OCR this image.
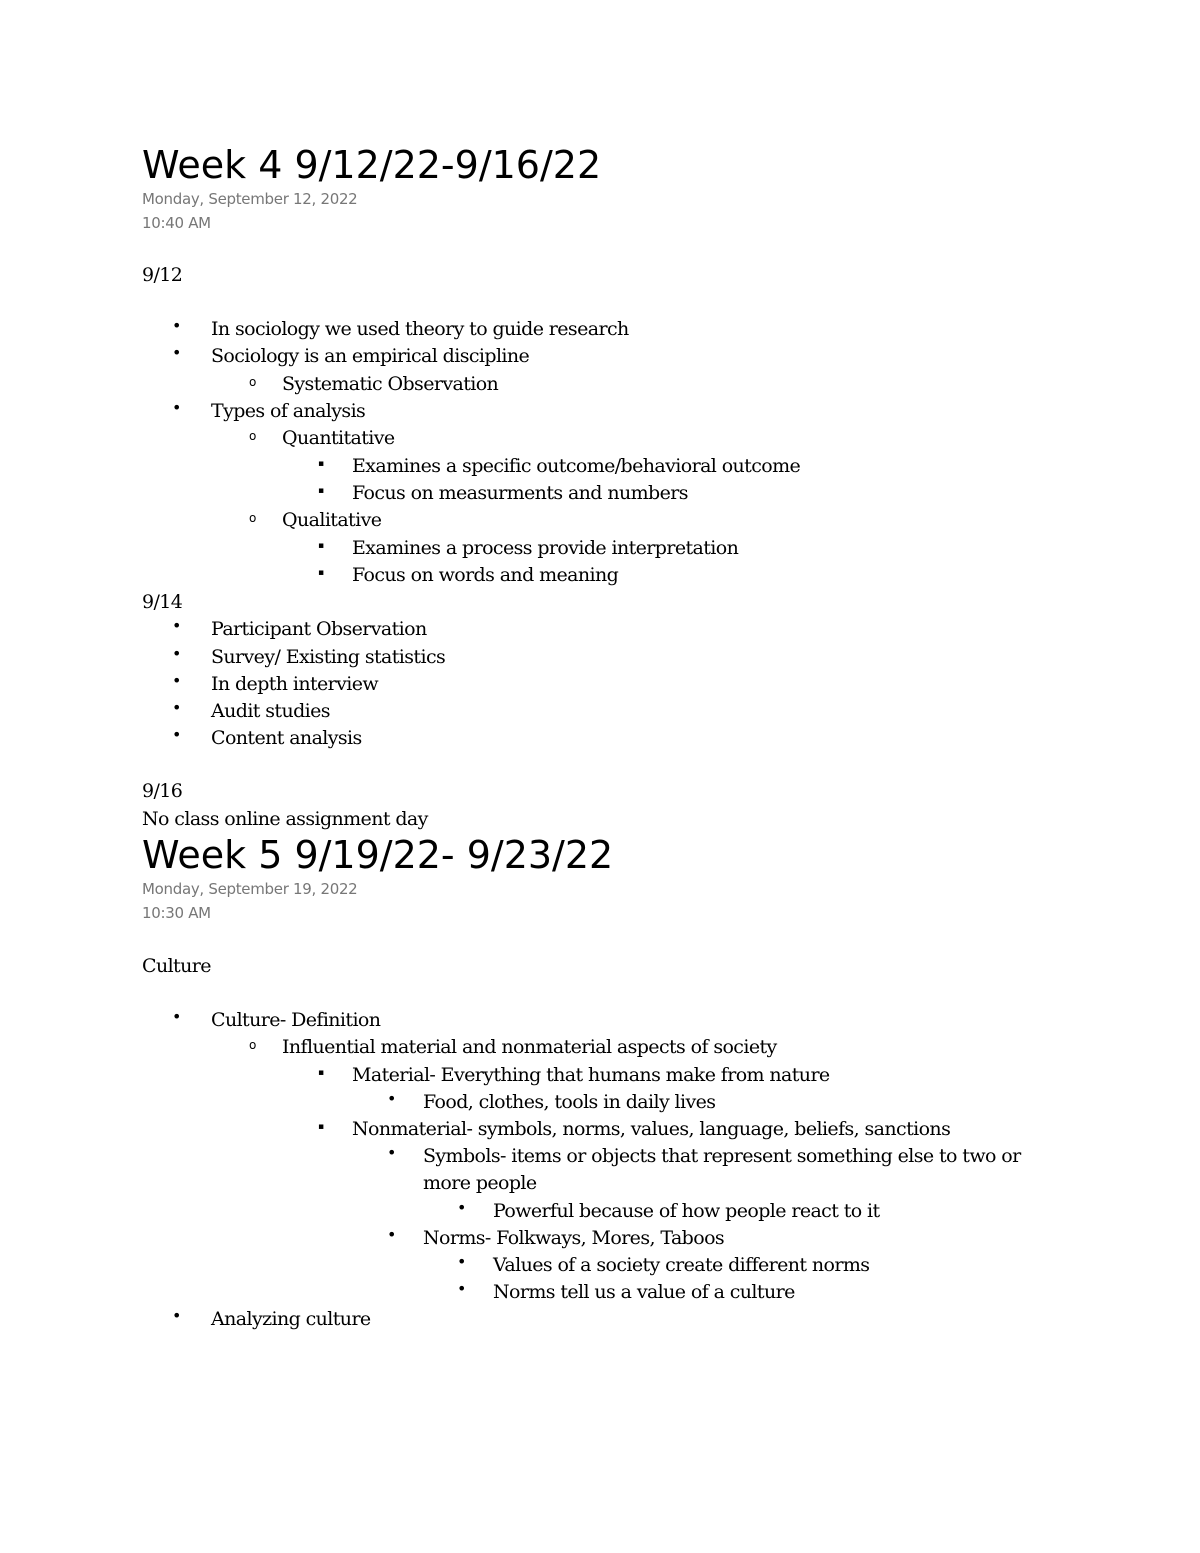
Week 4 9/12/22-9/16/22
Monday, September 12, 2022
10:40 AM
9/12
• In sociology we used theory to guide research
• Sociology is an empirical discipline
o Systematic Observation
• Types of analysis
o Quantitative
▪ Examines a specific outcome/behavioral outcome
▪ Focus on measurments and numbers
o Qualitative
▪ Examines a process provide interpretation
▪ Focus on words and meaning
9/14
• Participant Observation
• Survey/ Existing statistics
• In depth interview
• Audit studies
• Content analysis
9/16
No class online assignment day
Week 5 9/19/22- 9/23/22
Monday, September 19, 2022
10:30 AM
Culture
• Culture- Definition
o Influential material and nonmaterial aspects of society
▪ Material- Everything that humans make from nature
• Food, clothes, tools in daily lives
▪ Nonmaterial- symbols, norms, values, language, beliefs, sanctions
• Symbols- items or objects that represent something else to two or
more people
• Powerful because of how people react to it
• Norms- Folkways, Mores, Taboos
• Values of a society create different norms
• Norms tell us a value of a culture
• Analyzing culture
